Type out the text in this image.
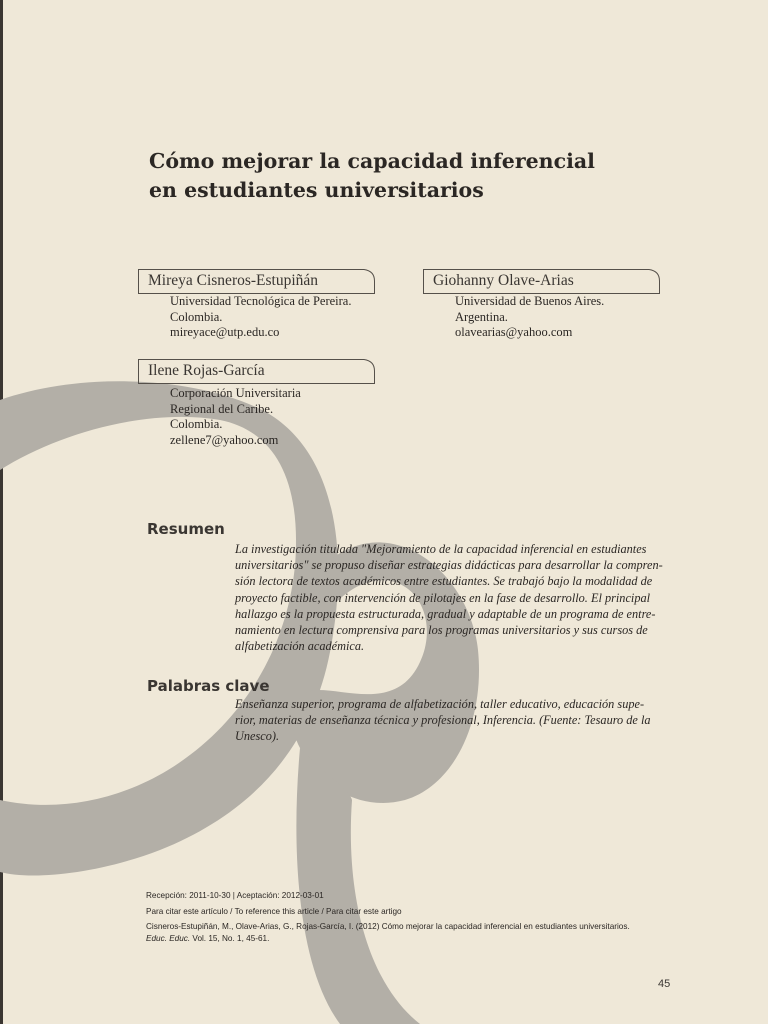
Cómo mejorar la capacidad inferencial
en estudiantes universitarios
Mireya Cisneros-Estupiñán
Universidad Tecnológica de Pereira.
Colombia.
mireyace@utp.edu.co
Giohanny Olave-Arias
Universidad de Buenos Aires.
Argentina.
olavearias@yahoo.com
Ilene Rojas-García
Corporación Universitaria
Regional del Caribe.
Colombia.
zellene7@yahoo.com
Resumen
La investigación titulada "Mejoramiento de la capacidad inferencial en estudiantes
universitarios" se propuso diseñar estrategias didácticas para desarrollar la compren-
sión lectora de textos académicos entre estudiantes. Se trabajó bajo la modalidad de
proyecto factible, con intervención de pilotajes en la fase de desarrollo. El principal
hallazgo es la propuesta estructurada, gradual y adaptable de un programa de entre-
namiento en lectura comprensiva para los programas universitarios y sus cursos de
alfabetización académica.
Palabras clave
Enseñanza superior, programa de alfabetización, taller educativo, educación supe-
rior, materias de enseñanza técnica y profesional, Inferencia. (Fuente: Tesauro de la
Unesco).
Recepción: 2011-10-30 | Aceptación: 2012-03-01
Para citar este artículo / To reference this article / Para citar este artigo
Cisneros-Estupiñán, M., Olave-Arias, G., Rojas-García, I. (2012) Cómo mejorar la capacidad inferencial en estudiantes universitarios.
Educ. Educ. Vol. 15, No. 1, 45-61.
45
